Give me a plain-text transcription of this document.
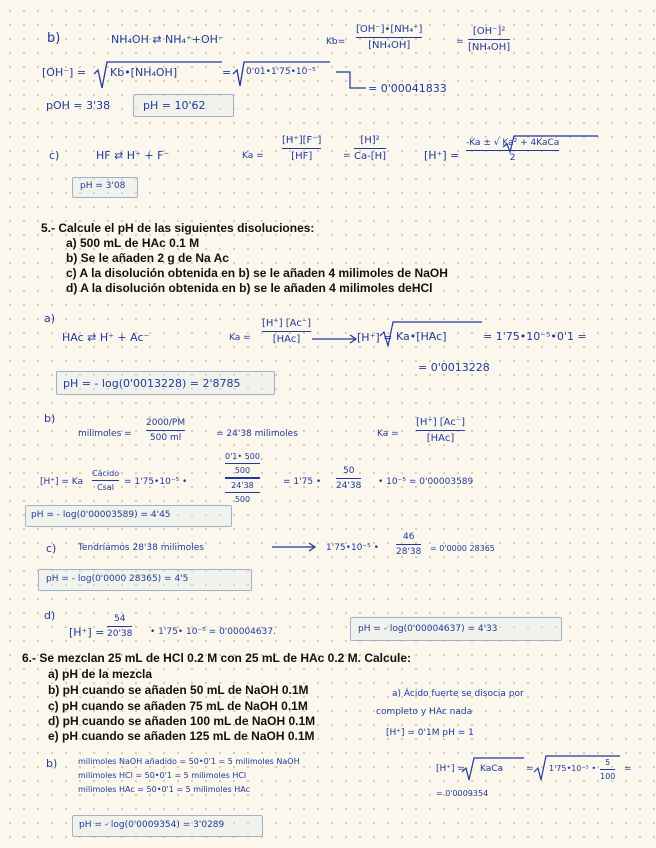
b)	NH₄OH ⇄ NH₄⁺+OH⁻	Kb=
[OH⁻]•[NH₄⁺]
[NH₄OH]	=
[OH⁻]²
[NH₄OH]
[OH⁻] = Kb•[NH₄OH]	= 0'01•1'75•10⁻⁵
= 0'00041833
pOH = 3'38	pH = 10'62
c)	HF ⇄ H⁺ + F⁻	Ka =
[H⁺][F⁻]
[HF]	=
[H]²
Ca-[H]	[H⁺] =
-Ka ± √ Ka² + 4KaCa
2
pH = 3'08
5.- Calcule el pH de las siguientes disoluciones:
a) 500 mL de HAc 0.1 M
b) Se le añaden 2 g de Na Ac
c) A la disolución obtenida en b) se le añaden 4 milimoles de NaOH
d) A la disolución obtenida en b) se le añaden 4 milimoles deHCl
a)
HAc ⇄ H⁺ + Ac⁻	Ka =
[H⁺] [Ac⁻]
[HAc]	[H⁺] = Ka•[HAc]	= 1'75•10⁻⁵•0'1 =
= 0'0013228
pH = - log(0'0013228) = 2'8785
b)
milimoles =
2000/PM
500 ml	= 24'38 milimoles	Ka =
[H⁺] [Ac⁻]
[HAc]
[H⁺] = Ka
Cácido
Csal
= 1'75•10⁻⁵ •
0'1• 500
500
24'38
500
= 1'75 •
50
24'38 • 10⁻⁵ = 0'00003589
pH = - log(0'00003589) = 4'45
c) Tendríamos 28'38 milimoles	1'75•10⁻⁵ •
46
28'38 = 0'0000 28365
pH = - log(0'0000 28365) = 4'5
d)
[H⁺] =
54
20'38 • 1'75• 10⁻⁵ = 0'00004637.	pH = - log(0'00004637) = 4'33
6.- Se mezclan 25 mL de HCl 0.2 M con 25 mL de HAc 0.2 M. Calcule:
a) pH de la mezcla
b) pH cuando se añaden 50 mL de NaOH 0.1M
c) pH cuando se añaden 75 mL de NaOH 0.1M
d) pH cuando se añaden 100 mL de NaOH 0.1M
e) pH cuando se añaden 125 mL de NaOH 0.1M
a) Ácido fuerte se disocia por
completo y HAc nada
[H⁺] = 0'1M pH = 1
b)	milimoles NaOH añadido = 50•0'1 = 5 milimoles NaOH
milimoles HCl = 50•0'1 = 5 milimoles HCl
milimoles HAc = 50•0'1 = 5 milimoles HAc
[H⁺] = KaCa	= 1'75•10⁻⁵ •
5
100
=
= 0'0009354
pH = - log(0'0009354) = 3'0289
